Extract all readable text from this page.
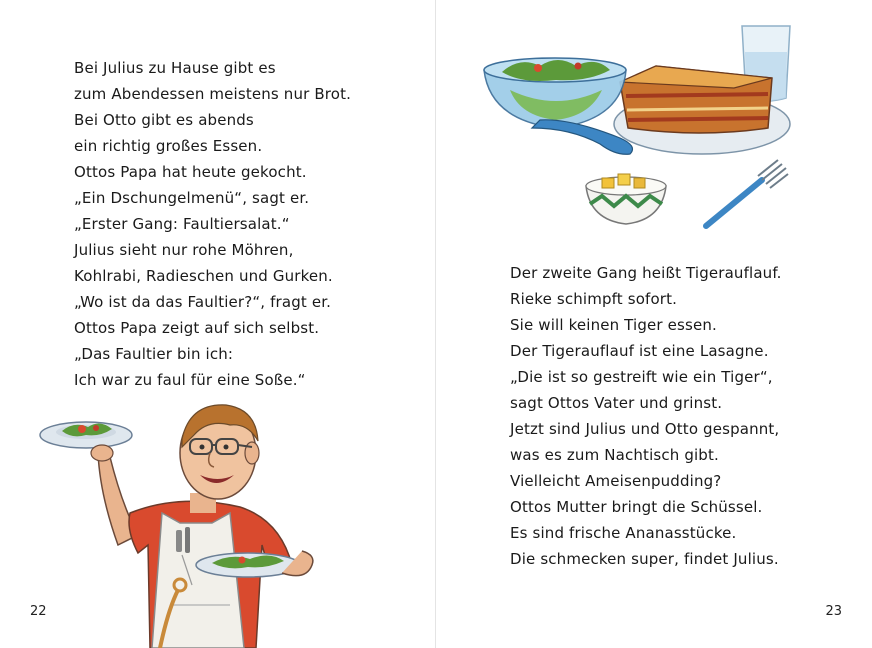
Bei Julius zu Hause gibt es
zum Abendessen meistens nur Brot.
Bei Otto gibt es abends
ein richtig großes Essen.
Ottos Papa hat heute gekocht.
„Ein Dschungelmenü“, sagt er.
„Erster Gang: Faultiersalat.“
Julius sieht nur rohe Möhren,
Kohlrabi, Radieschen und Gurken.
„Wo ist da das Faultier?“, fragt er.
Ottos Papa zeigt auf sich selbst.
„Das Faultier bin ich:
Ich war zu faul für eine Soße.“
22
Der zweite Gang heißt Tigerauflauf.
Rieke schimpft sofort.
Sie will keinen Tiger essen.
Der Tigerauflauf ist eine Lasagne.
„Die ist so gestreift wie ein Tiger“,
sagt Ottos Vater und grinst.
Jetzt sind Julius und Otto gespannt,
was es zum Nachtisch gibt.
Vielleicht Ameisenpudding?
Ottos Mutter bringt die Schüssel.
Es sind frische Ananasstücke.
Die schmecken super, findet Julius.
23
